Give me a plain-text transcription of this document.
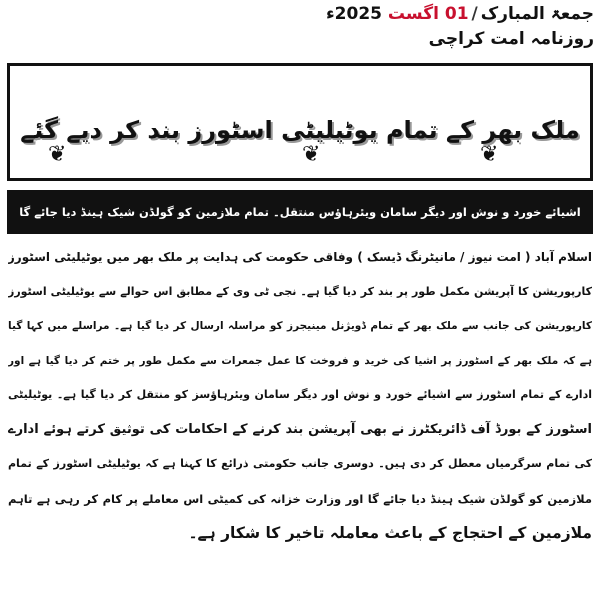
جمعۃ المبارک/01 اگست 2025ء
روزنامہ امت کراچی
❦	❦	❦
ملک بھر کے تمام یوٹیلیٹی اسٹورز بند کر دیے گئے
اشیائے خورد و نوش اور دیگر سامان ویئرہاؤس منتقل۔ تمام ملازمین کو گولڈن شیک ہینڈ دیا جائے گا
اسلام آباد ( امت نیوز / مانیٹرنگ ڈیسک ) وفاقی حکومت کی ہدایت پر ملک بھر میں یوٹیلیٹی اسٹورز
کارپوریشن کا آپریشن مکمل طور پر بند کر دیا گیا ہے۔ نجی ٹی وی کے مطابق اس حوالے سے یوٹیلیٹی اسٹورز
کارپوریشن کی جانب سے ملک بھر کے تمام ڈویژنل مینیجرز کو مراسلہ ارسال کر دیا گیا ہے۔ مراسلے میں کہا گیا
ہے کہ ملک بھر کے اسٹورز پر اشیا کی خرید و فروخت کا عمل جمعرات سے مکمل طور پر ختم کر دیا گیا ہے اور
ادارے کے تمام اسٹورز سے اشیائے خورد و نوش اور دیگر سامان ویئرہاؤسز کو منتقل کر دیا گیا ہے۔ یوٹیلیٹی
اسٹورز کے بورڈ آف ڈائریکٹرز نے بھی آپریشن بند کرنے کے احکامات کی توثیق کرتے ہوئے ادارے
کی تمام سرگرمیاں معطل کر دی ہیں۔ دوسری جانب حکومتی ذرائع کا کہنا ہے کہ یوٹیلیٹی اسٹورز کے تمام
ملازمین کو گولڈن شیک ہینڈ دیا جائے گا اور وزارت خزانہ کی کمیٹی اس معاملے پر کام کر رہی ہے تاہم
ملازمین کے احتجاج کے باعث معاملہ تاخیر کا شکار ہے۔
